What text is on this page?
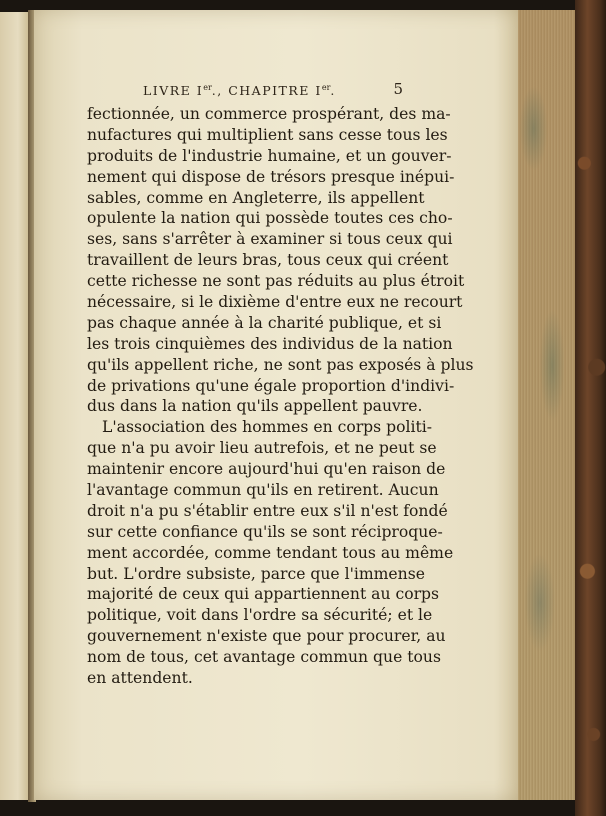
LIVRE Ier., CHAPITRE Ier.	5
fectionnée, un commerce prospérant, des ma-
nufactures qui multiplient sans cesse tous les
produits de l'industrie humaine, et un gouver-
nement qui dispose de trésors presque inépui-
sables, comme en Angleterre, ils appellent
opulente la nation qui possède toutes ces cho-
ses, sans s'arrêter à examiner si tous ceux qui
travaillent de leurs bras, tous ceux qui créent
cette richesse ne sont pas réduits au plus étroit
nécessaire, si le dixième d'entre eux ne recourt
pas chaque année à la charité publique, et si
les trois cinquièmes des individus de la nation
qu'ils appellent riche, ne sont pas exposés à plus
de privations qu'une égale proportion d'indivi-
dus dans la nation qu'ils appellent pauvre.
L'association des hommes en corps politi-
que n'a pu avoir lieu autrefois, et ne peut se
maintenir encore aujourd'hui qu'en raison de
l'avantage commun qu'ils en retirent. Aucun
droit n'a pu s'établir entre eux s'il n'est fondé
sur cette confiance qu'ils se sont réciproque-
ment accordée, comme tendant tous au même
but. L'ordre subsiste, parce que l'immense
majorité de ceux qui appartiennent au corps
politique, voit dans l'ordre sa sécurité; et le
gouvernement n'existe que pour procurer, au
nom de tous, cet avantage commun que tous
en attendent.
